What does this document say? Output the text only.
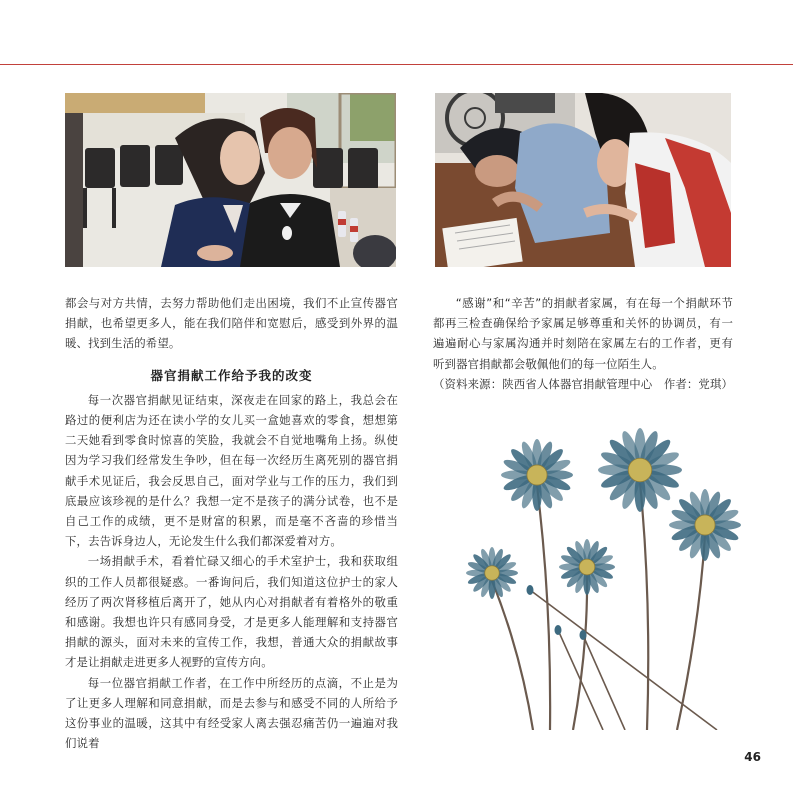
都会与对方共情，去努力帮助他们走出困境，我们不止宣传器官捐献，也希望更多人，能在我们陪伴和宽慰后，感受到外界的温暖、找到生活的希望。

器官捐献工作给予我的改变

每一次器官捐献见证结束，深夜走在回家的路上，我总会在路过的便利店为还在读小学的女儿买一盒她喜欢的零食，想想第二天她看到零食时惊喜的笑脸，我就会不自觉地嘴角上扬。纵使因为学习我们经常发生争吵，但在每一次经历生离死别的器官捐献手术见证后，我会反思自己，面对学业与工作的压力，我们到底最应该珍视的是什么？我想一定不是孩子的满分试卷，也不是自己工作的成绩，更不是财富的积累，而是毫不吝啬的珍惜当下，去告诉身边人，无论发生什么我们都深爱着对方。

一场捐献手术，看着忙碌又细心的手术室护士，我和获取组织的工作人员都很疑惑。一番询问后，我们知道这位护士的家人经历了两次肾移植后离开了，她从内心对捐献者有着格外的敬重和感谢。我想也许只有感同身受，才是更多人能理解和支持器官捐献的源头，面对未来的宣传工作，我想，普通大众的捐献故事才是让捐献走进更多人视野的宣传方向。

每一位器官捐献工作者，在工作中所经历的点滴，不止是为了让更多人理解和同意捐献，而是去参与和感受不同的人所给予这份事业的温暖，这其中有经受家人离去强忍痛苦仍一遍遍对我们说着

“感谢”和“辛苦”的捐献者家属，有在每一个捐献环节都再三检查确保给予家属足够尊重和关怀的协调员，有一遍遍耐心与家属沟通并时刻陪在家属左右的工作者，更有听到器官捐献都会敬佩他们的每一位陌生人。

（资料来源：陕西省人体器官捐献管理中心　作者：党琪）

46
